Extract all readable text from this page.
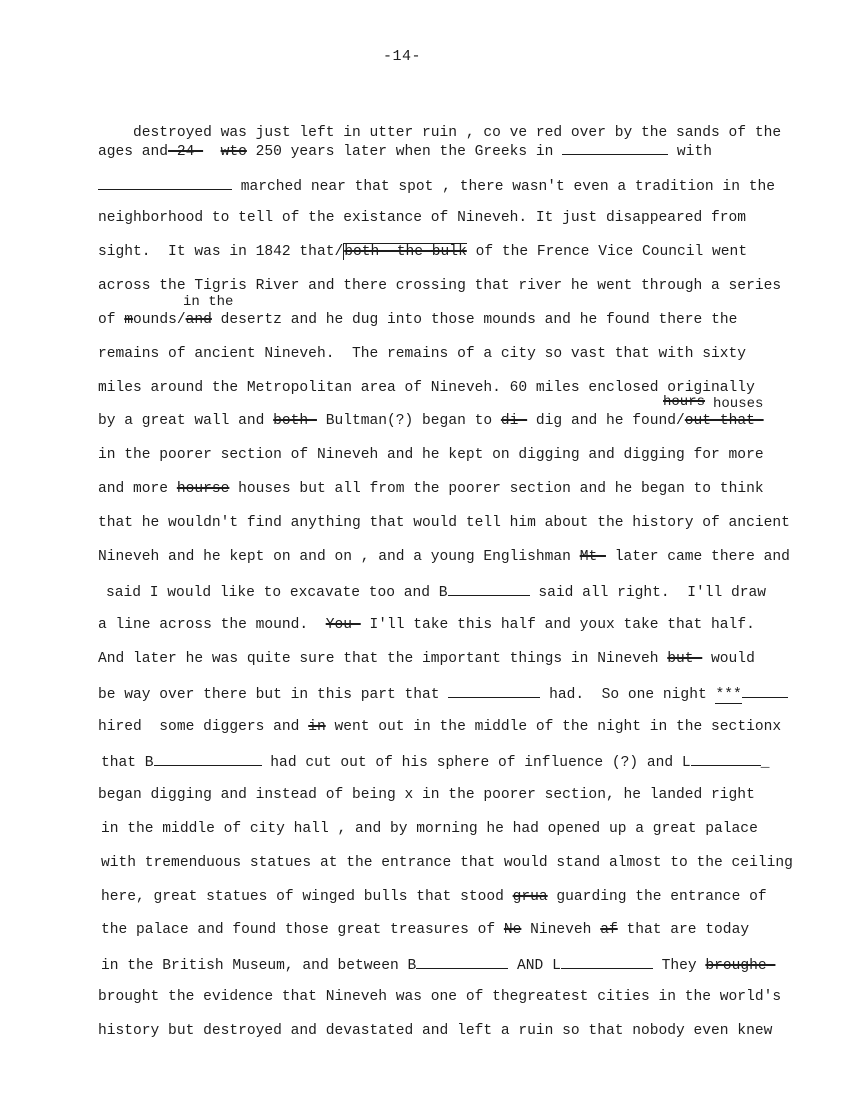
-14-
in the
hours houses

destroyed was just left in utter ruin , co ve red over by the sands of the

ages and-24- wto 250 years later when the Greeks in	with
marched near that spot , there wasn't even a tradition in the
neighborhood to tell of the existance of Nineveh. It just disappeared from
sight.  It was in 1842 that/both- the bulk of the Frence Vice Council went
across the Tigris River and there crossing that river he went through a series
of mounds/and desertz and he dug into those mounds and he found there the
remains of ancient Nineveh.  The remains of a city so vast that with sixty
miles around the Metropolitan area of Nineveh. 60 miles enclosed originally
by a great wall and both- Bultman(?) began to di- dig and he found/out that-
in the poorer section of Nineveh and he kept on digging and digging for more
and more hourse houses but all from the poorer section and he began to think
that he wouldn't find anything that would tell him about the history of ancient
Nineveh and he kept on and on , and a young Englishman Mt- later came there and
said I would like to excavate too and B	said all right.  I'll draw
a line across the mound.  You- I'll take this half and youx take that half.
And later he was quite sure that the important things in Nineveh but- would
be way over there but in this part that	had.  So one night ***
hired  some diggers and in went out in the middle of the night in the sectionx
that B	had cut out of his sphere of influence (?) and L	_
began digging and instead of being x in the poorer section, he landed right
in the middle of city hall , and by morning he had opened up a great palace
with tremenduous statues at the entrance that would stand almost to the ceiling
here, great statues of winged bulls that stood grua guarding the entrance of
the palace and found those great treasures of Ne Nineveh af that are today
in the British Museum, and between B	AND L	They broughe-
brought the evidence that Nineveh was one of thegreatest cities in the world's
history but destroyed and devastated and left a ruin so that nobody even knew
